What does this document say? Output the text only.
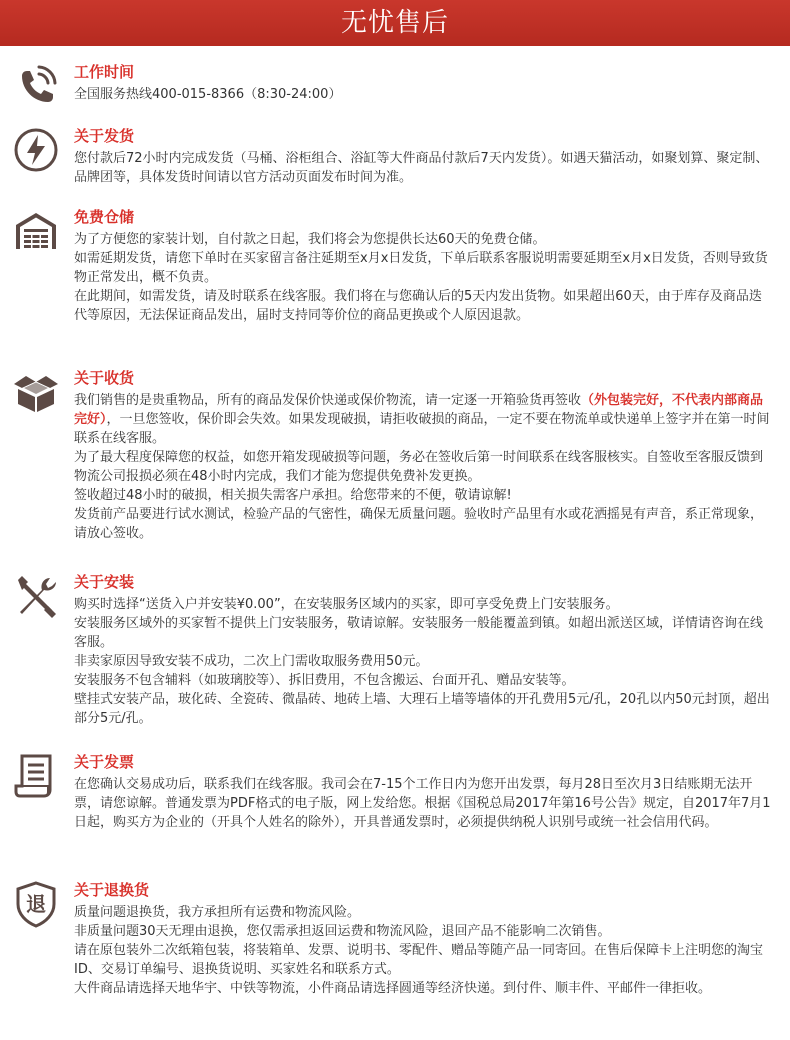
无忧售后
工作时间
全国服务热线400-015-8366（8:30-24:00）
关于发货
您付款后72小时内完成发货（马桶、浴柜组合、浴缸等大件商品付款后7天内发货）。如遇天猫活动，如聚划算、聚定制、品牌团等，具体发货时间请以官方活动页面发布时间为准。
免费仓储
为了方便您的家装计划，自付款之日起，我们将会为您提供长达60天的免费仓储。
如需延期发货，请您下单时在买家留言备注延期至x月x日发货，下单后联系客服说明需要延期至x月x日发货，否则导致货物正常发出，概不负责。
在此期间，如需发货，请及时联系在线客服。我们将在与您确认后的5天内发出货物。如果超出60天，由于库存及商品迭代等原因，无法保证商品发出，届时支持同等价位的商品更换或个人原因退款。
关于收货
我们销售的是贵重物品，所有的商品发保价快递或保价物流，请一定逐一开箱验货再签收（外包装完好，不代表内部商品完好），一旦您签收，保价即会失效。如果发现破损，请拒收破损的商品，一定不要在物流单或快递单上签字并在第一时间联系在线客服。
为了最大程度保障您的权益，如您开箱发现破损等问题，务必在签收后第一时间联系在线客服核实。自签收至客服反馈到物流公司报损必须在48小时内完成，我们才能为您提供免费补发更换。
签收超过48小时的破损，相关损失需客户承担。给您带来的不便，敬请谅解!
发货前产品要进行试水测试，检验产品的气密性，确保无质量问题。验收时产品里有水或花洒摇晃有声音，系正常现象，请放心签收。
关于安装
购买时选择“送货入户并安装¥0.00”，在安装服务区域内的买家，即可享受免费上门安装服务。
安装服务区域外的买家暂不提供上门安装服务，敬请谅解。安装服务一般能覆盖到镇。如超出派送区域，详情请咨询在线客服。
非卖家原因导致安装不成功，二次上门需收取服务费用50元。
安装服务不包含辅料（如玻璃胶等）、拆旧费用，不包含搬运、台面开孔、赠品安装等。
壁挂式安装产品，玻化砖、全瓷砖、微晶砖、地砖上墙、大理石上墙等墙体的开孔费用5元/孔，20孔以内50元封顶，超出部分5元/孔。
关于发票
在您确认交易成功后，联系我们在线客服。我司会在7-15个工作日内为您开出发票，每月28日至次月3日结账期无法开票，请您谅解。普通发票为PDF格式的电子版，网上发给您。根据《国税总局2017年第16号公告》规定，自2017年7月1日起，购买方为企业的（开具个人姓名的除外），开具普通发票时，必须提供纳税人识别号或统一社会信用代码。
退
关于退换货
质量问题退换货，我方承担所有运费和物流风险。
非质量问题30天无理由退换，您仅需承担返回运费和物流风险，退回产品不能影响二次销售。
请在原包装外二次纸箱包装，将装箱单、发票、说明书、零配件、赠品等随产品一同寄回。在售后保障卡上注明您的淘宝ID、交易订单编号、退换货说明、买家姓名和联系方式。
大件商品请选择天地华宇、中铁等物流，小件商品请选择圆通等经济快递。到付件、顺丰件、平邮件一律拒收。
